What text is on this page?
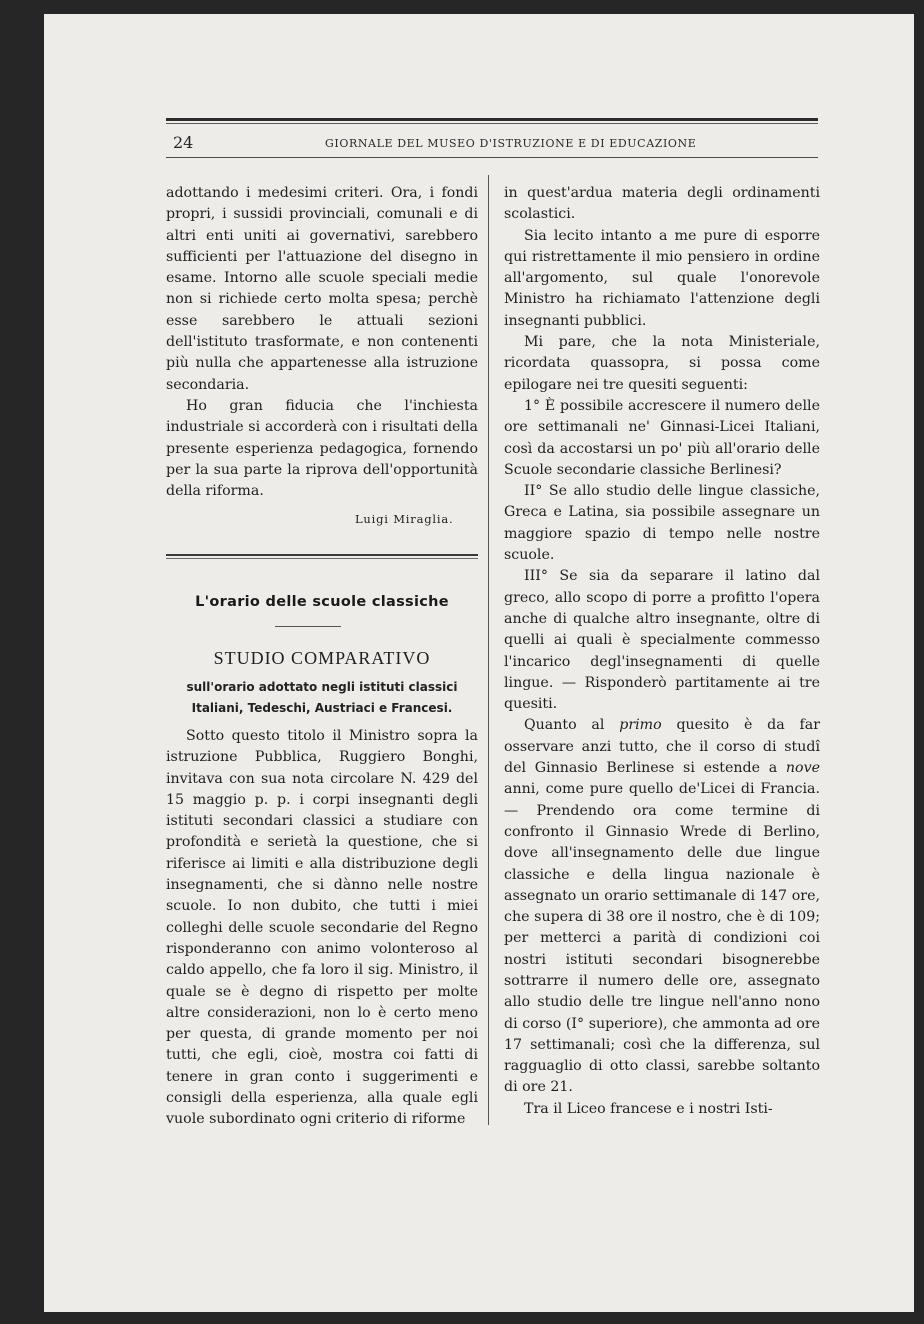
24	GIORNALE DEL MUSEO D'ISTRUZIONE E DI EDUCAZIONE

adottando i medesimi criteri. Ora, i fondi propri, i sussidi provinciali, comunali e di altri enti uniti ai governativi, sarebbero sufficienti per l'attuazione del disegno in esame. Intorno alle scuole speciali medie non si richiede certo molta spesa; perchè esse sarebbero le attuali sezioni dell'istituto trasformate, e non contenenti più nulla che appartenesse alla istruzione secondaria.

Ho gran fiducia che l'inchiesta industriale si accorderà con i risultati della presente esperienza pedagogica, fornendo per la sua parte la riprova dell'opportunità della riforma.

Luigi Miraglia.
L'orario delle scuole classiche
STUDIO COMPARATIVO
sull'orario adottato negli istituti classici Italiani, Tedeschi, Austriaci e Francesi.

Sotto questo titolo il Ministro sopra la istruzione Pubblica, Ruggiero Bonghi, invitava con sua nota circolare N. 429 del 15 maggio p. p. i corpi insegnanti degli istituti secondari classici a studiare con profondità e serietà la questione, che si riferisce ai limiti e alla distribuzione degli insegnamenti, che si dànno nelle nostre scuole. Io non dubito, che tutti i miei colleghi delle scuole secondarie del Regno risponderanno con animo volonteroso al caldo appello, che fa loro il sig. Ministro, il quale se è degno di rispetto per molte altre considerazioni, non lo è certo meno per questa, di grande momento per noi tutti, che egli, cioè, mostra coi fatti di tenere in gran conto i suggerimenti e consigli della esperienza, alla quale egli vuole subordinato ogni criterio di riforme

in quest'ardua materia degli ordinamenti scolastici.

Sia lecito intanto a me pure di esporre qui ristrettamente il mio pensiero in ordine all'argomento, sul quale l'onorevole Ministro ha richiamato l'attenzione degli insegnanti pubblici.

Mi pare, che la nota Ministeriale, ricordata quassopra, si possa come epilogare nei tre quesiti seguenti:

1° È possibile accrescere il numero delle ore settimanali ne' Ginnasi-Licei Italiani, così da accostarsi un po' più all'orario delle Scuole secondarie classiche Berlinesi?

II° Se allo studio delle lingue classiche, Greca e Latina, sia possibile assegnare un maggiore spazio di tempo nelle nostre scuole.

III° Se sia da separare il latino dal greco, allo scopo di porre a profitto l'opera anche di qualche altro insegnante, oltre di quelli ai quali è specialmente commesso l'incarico degl'insegnamenti di quelle lingue. — Risponderò partitamente ai tre quesiti.

Quanto al primo quesito è da far osservare anzi tutto, che il corso di studî del Ginnasio Berlinese si estende a nove anni, come pure quello de'Licei di Francia. — Prendendo ora come termine di confronto il Ginnasio Wrede di Berlino, dove all'insegnamento delle due lingue classiche e della lingua nazionale è assegnato un orario settimanale di 147 ore, che supera di 38 ore il nostro, che è di 109; per metterci a parità di condizioni coi nostri istituti secondari bisognerebbe sottrarre il numero delle ore, assegnato allo studio delle tre lingue nell'anno nono di corso (I° superiore), che ammonta ad ore 17 settimanali; così che la differenza, sul ragguaglio di otto classi, sarebbe soltanto di ore 21.

Tra il Liceo francese e i nostri Isti-
